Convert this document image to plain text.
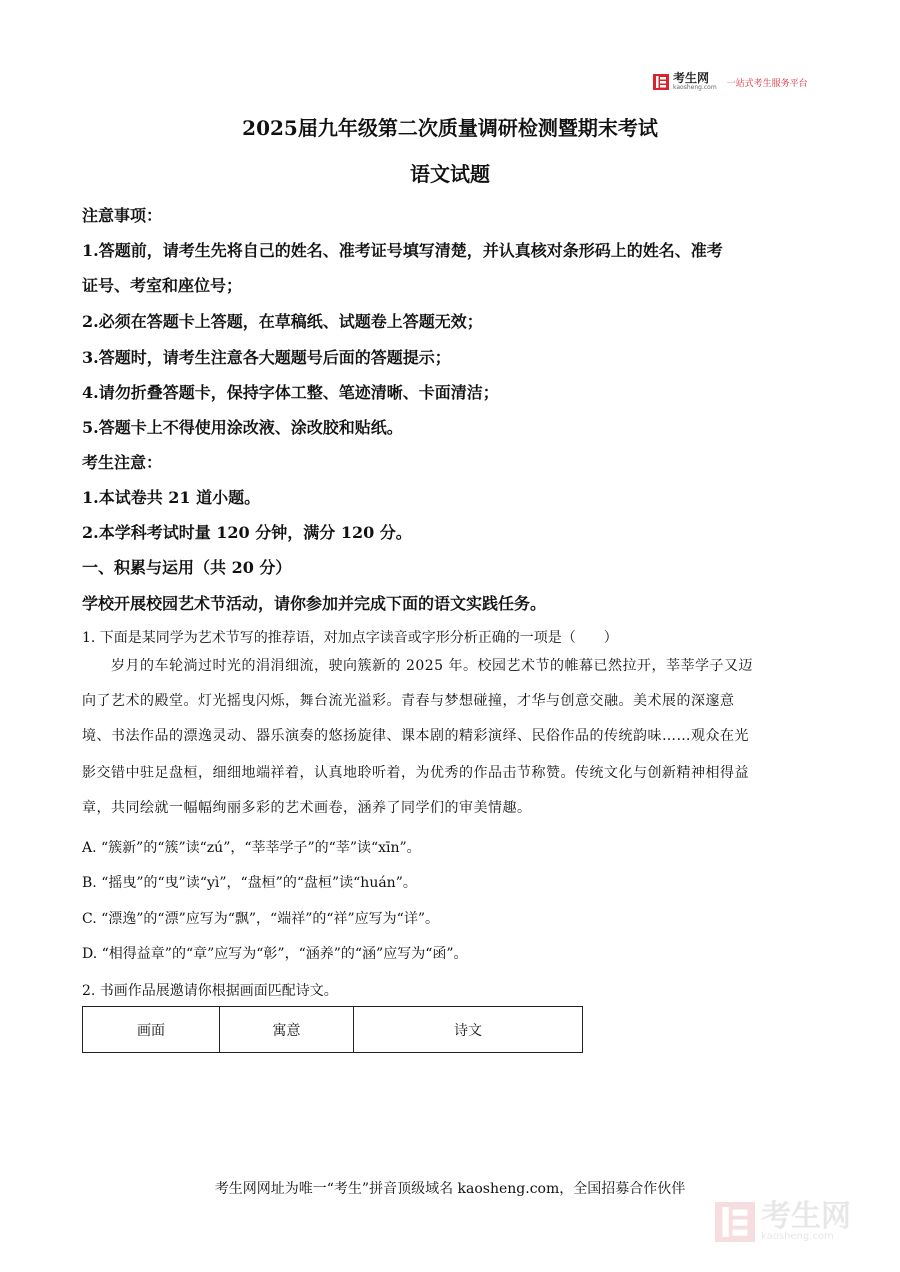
考生网
kaosheng.com 一站式考生服务平台
2025届九年级第二次质量调研检测暨期末考试
语文试题
注意事项：
1.答题前，请考生先将自己的姓名、准考证号填写清楚，并认真核对条形码上的姓名、准考
证号、考室和座位号；
2.必须在答题卡上答题，在草稿纸、试题卷上答题无效；
3.答题时，请考生注意各大题题号后面的答题提示；
4.请勿折叠答题卡，保持字体工整、笔迹清晰、卡面清洁；
5.答题卡上不得使用涂改液、涂改胶和贴纸。
考生注意：
1.本试卷共 21 道小题。
2.本学科考试时量 120 分钟，满分 120 分。
一、积累与运用（共 20 分）
学校开展校园艺术节活动，请你参加并完成下面的语文实践任务。
1. 下面是某同学为艺术节写的推荐语，对加点字读音或字形分析正确的一项是（　　）
　　岁月的车轮淌过时光的涓涓细流，驶向簇新的 2025 年。校园艺术节的帷幕已然拉开，莘莘学子又迈
向了艺术的殿堂。灯光摇曳闪烁，舞台流光溢彩。青春与梦想碰撞，才华与创意交融。美术展的深邃意
境、书法作品的漂逸灵动、器乐演奏的悠扬旋律、课本剧的精彩演绎、民俗作品的传统韵味……观众在光
影交错中驻足盘桓，细细地端祥着，认真地聆听着，为优秀的作品击节称赞。传统文化与创新精神相得益
章，共同绘就一幅幅绚丽多彩的艺术画卷，涵养了同学们的审美情趣。
A. “簇新”的“簇”读“zú”，“莘莘学子”的“莘”读“xīn”。
B. “摇曳”的“曳”读“yì”，“盘桓”的“盘桓”读“huán”。
C. “漂逸”的“漂”应写为“飘”，“端祥”的“祥”应写为“详”。
D. “相得益章”的“章”应写为“彰”，“涵养”的“涵”应写为“函”。
2. 书画作品展邀请你根据画面匹配诗文。
画面	寓意	诗文
考生网网址为唯一“考生”拼音顶级域名 kaosheng.com，全国招募合作伙伴
考生网
kaosheng.com
